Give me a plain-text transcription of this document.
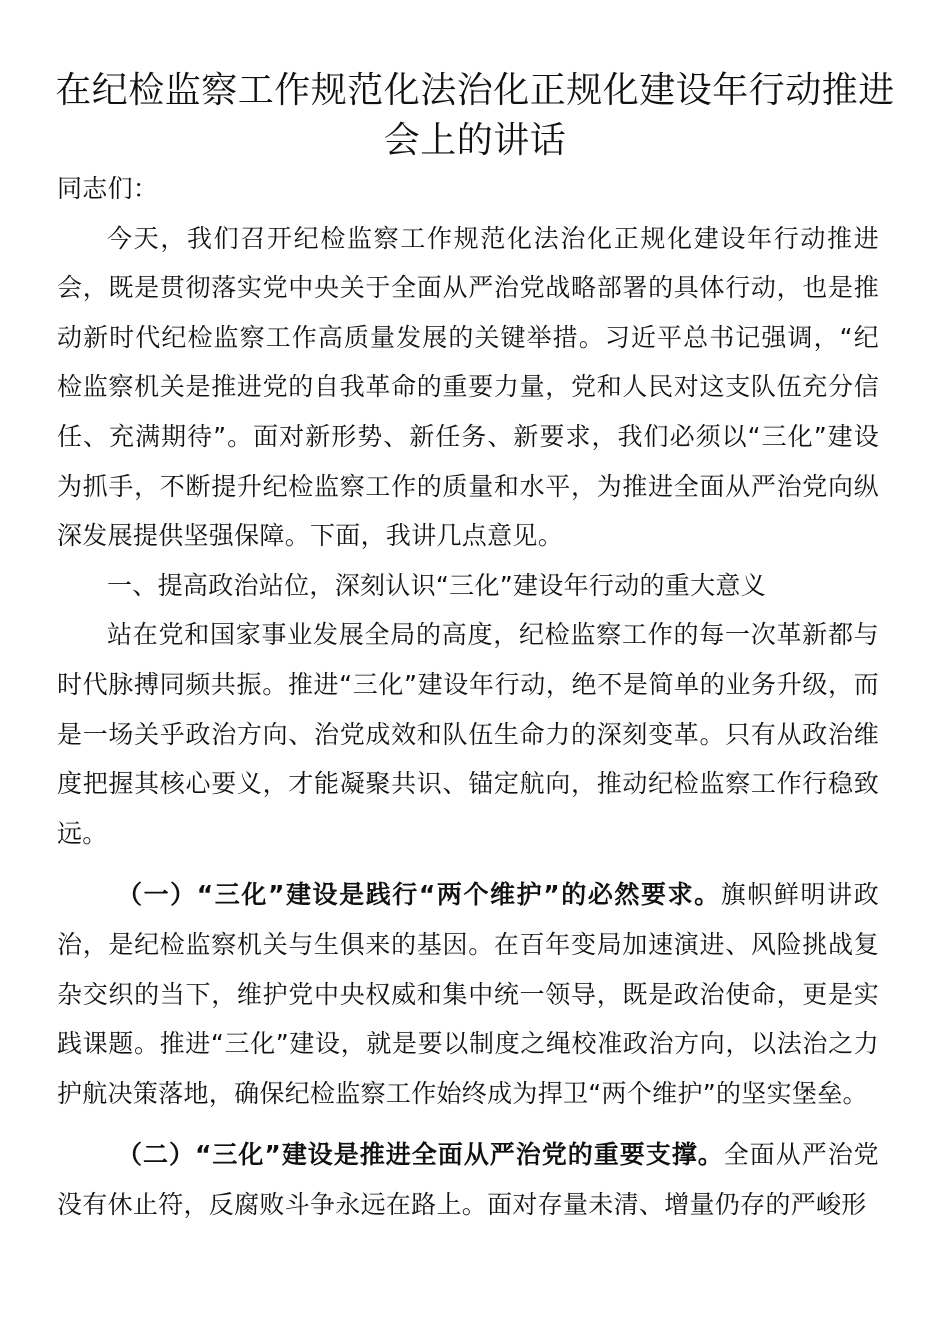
在纪检监察工作规范化法治化正规化建设年行动推进会上的讲话

同志们：

今天，我们召开纪检监察工作规范化法治化正规化建设年行动推进会，既是贯彻落实党中央关于全面从严治党战略部署的具体行动，也是推动新时代纪检监察工作高质量发展的关键举措。习近平总书记强调，“纪检监察机关是推进党的自我革命的重要力量，党和人民对这支队伍充分信任、充满期待”。面对新形势、新任务、新要求，我们必须以“三化”建设为抓手，不断提升纪检监察工作的质量和水平，为推进全面从严治党向纵深发展提供坚强保障。下面，我讲几点意见。

一、提高政治站位，深刻认识“三化”建设年行动的重大意义

站在党和国家事业发展全局的高度，纪检监察工作的每一次革新都与时代脉搏同频共振。推进“三化”建设年行动，绝不是简单的业务升级，而是一场关乎政治方向、治党成效和队伍生命力的深刻变革。只有从政治维度把握其核心要义，才能凝聚共识、锚定航向，推动纪检监察工作行稳致远。

（一）“三化”建设是践行“两个维护”的必然要求。旗帜鲜明讲政治，是纪检监察机关与生俱来的基因。在百年变局加速演进、风险挑战复杂交织的当下，维护党中央权威和集中统一领导，既是政治使命，更是实践课题。推进“三化”建设，就是要以制度之绳校准政治方向，以法治之力护航决策落地，确保纪检监察工作始终成为捍卫“两个维护”的坚实堡垒。

（二）“三化”建设是推进全面从严治党的重要支撑。全面从严治党没有休止符，反腐败斗争永远在路上。面对存量未清、增量仍存的严峻形
